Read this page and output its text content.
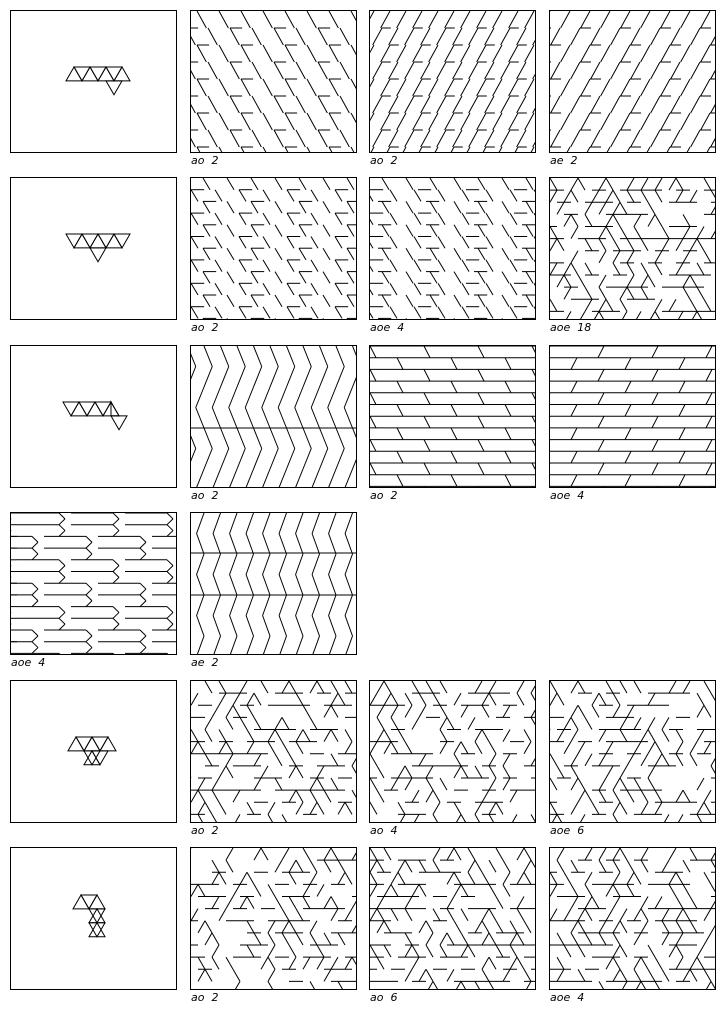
ao  2	ao  2	ae  2
ao  2	aoe  4	aoe  18
ao  2	ao  2	aoe  4
aoe  4	ae  2
ao  2	ao  4	aoe  6
ao  2	ao  6	aoe  4
